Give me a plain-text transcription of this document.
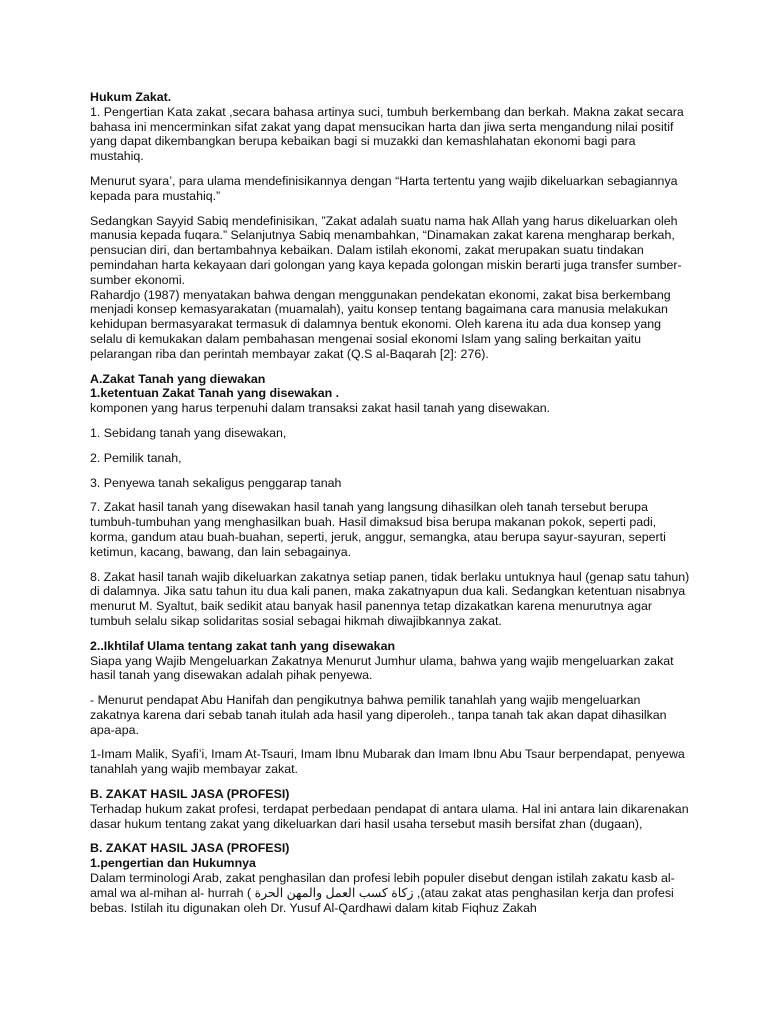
Hukum Zakat.

1. Pengertian Kata zakat ,secara bahasa artinya suci, tumbuh berkembang dan berkah. Makna zakat secara bahasa ini mencerminkan sifat zakat yang dapat mensucikan harta dan jiwa serta mengandung nilai positif yang dapat dikembangkan berupa kebaikan bagi si muzakki dan kemashlahatan ekonomi bagi para mustahiq.

Menurut syara’, para ulama mendefinisikannya dengan “Harta tertentu yang wajib dikeluarkan sebagiannya kepada para mustahiq.”

Sedangkan Sayyid Sabiq mendefinisikan, ”Zakat adalah suatu nama hak Allah yang harus dikeluarkan oleh manusia kepada fuqara.” Selanjutnya Sabiq menambahkan, “Dinamakan zakat karena mengharap berkah, pensucian diri, dan bertambahnya kebaikan. Dalam istilah ekonomi, zakat merupakan suatu tindakan pemindahan harta kekayaan dari golongan yang kaya kepada golongan miskin berarti juga transfer sumber-sumber ekonomi.

Rahardjo (1987) menyatakan bahwa dengan menggunakan pendekatan ekonomi, zakat bisa berkembang menjadi konsep kemasyarakatan (muamalah), yaitu konsep tentang bagaimana cara manusia melakukan kehidupan bermasyarakat termasuk di dalamnya bentuk ekonomi. Oleh karena itu ada dua konsep yang selalu di kemukakan dalam pembahasan mengenai sosial ekonomi Islam yang saling berkaitan yaitu pelarangan riba dan perintah membayar zakat (Q.S al-Baqarah [2]: 276).

A.Zakat Tanah yang diewakan

1.ketentuan Zakat Tanah yang disewakan .

komponen yang harus terpenuhi dalam transaksi zakat hasil tanah yang disewakan.

1. Sebidang tanah yang disewakan,

2. Pemilik tanah,

3. Penyewa tanah sekaligus penggarap tanah

7. Zakat hasil tanah yang disewakan hasil tanah yang langsung dihasilkan oleh tanah tersebut berupa tumbuh-tumbuhan yang menghasilkan buah. Hasil dimaksud bisa berupa makanan pokok, seperti padi, korma, gandum atau buah-buahan, seperti, jeruk, anggur, semangka, atau berupa sayur-sayuran, seperti ketimun, kacang, bawang, dan lain sebagainya.

8. Zakat hasil tanah wajib dikeluarkan zakatnya setiap panen, tidak berlaku untuknya haul (genap satu tahun) di dalamnya. Jika satu tahun itu dua kali panen, maka zakatnyapun dua kali. Sedangkan ketentuan nisabnya menurut M. Syaltut, baik sedikit atau banyak hasil panennya tetap dizakatkan karena menurutnya agar tumbuh selalu sikap solidaritas sosial sebagai hikmah diwajibkannya zakat.

2..Ikhtilaf Ulama tentang zakat tanh yang disewakan

Siapa yang Wajib Mengeluarkan Zakatnya Menurut Jumhur ulama, bahwa yang wajib mengeluarkan zakat hasil tanah yang disewakan adalah pihak penyewa.

- Menurut pendapat Abu Hanifah dan pengikutnya bahwa pemilik tanahlah yang wajib mengeluarkan zakatnya karena dari sebab tanah itulah ada hasil yang diperoleh., tanpa tanah tak akan dapat dihasilkan apa-apa.

1-Imam Malik, Syafi’i, Imam At-Tsauri, Imam Ibnu Mubarak dan Imam Ibnu Abu Tsaur berpendapat, penyewa tanahlah yang wajib membayar zakat.

B. ZAKAT HASIL JASA (PROFESI)

Terhadap hukum zakat profesi, terdapat perbedaan pendapat di antara ulama. Hal ini antara lain dikarenakan dasar hukum tentang zakat yang dikeluarkan dari hasil usaha tersebut masih bersifat zhan (dugaan),

B. ZAKAT HASIL JASA (PROFESI)

1.pengertian dan Hukumnya

Dalam terminologi Arab, zakat penghasilan dan profesi lebih populer disebut dengan istilah zakatu kasb al-amal wa al-mihan al- hurrah ( زكاة كسب العمل والمهن الحرة ,(atau zakat atas penghasilan kerja dan profesi bebas. Istilah itu digunakan oleh Dr. Yusuf Al-Qardhawi dalam kitab Fiqhuz Zakah
